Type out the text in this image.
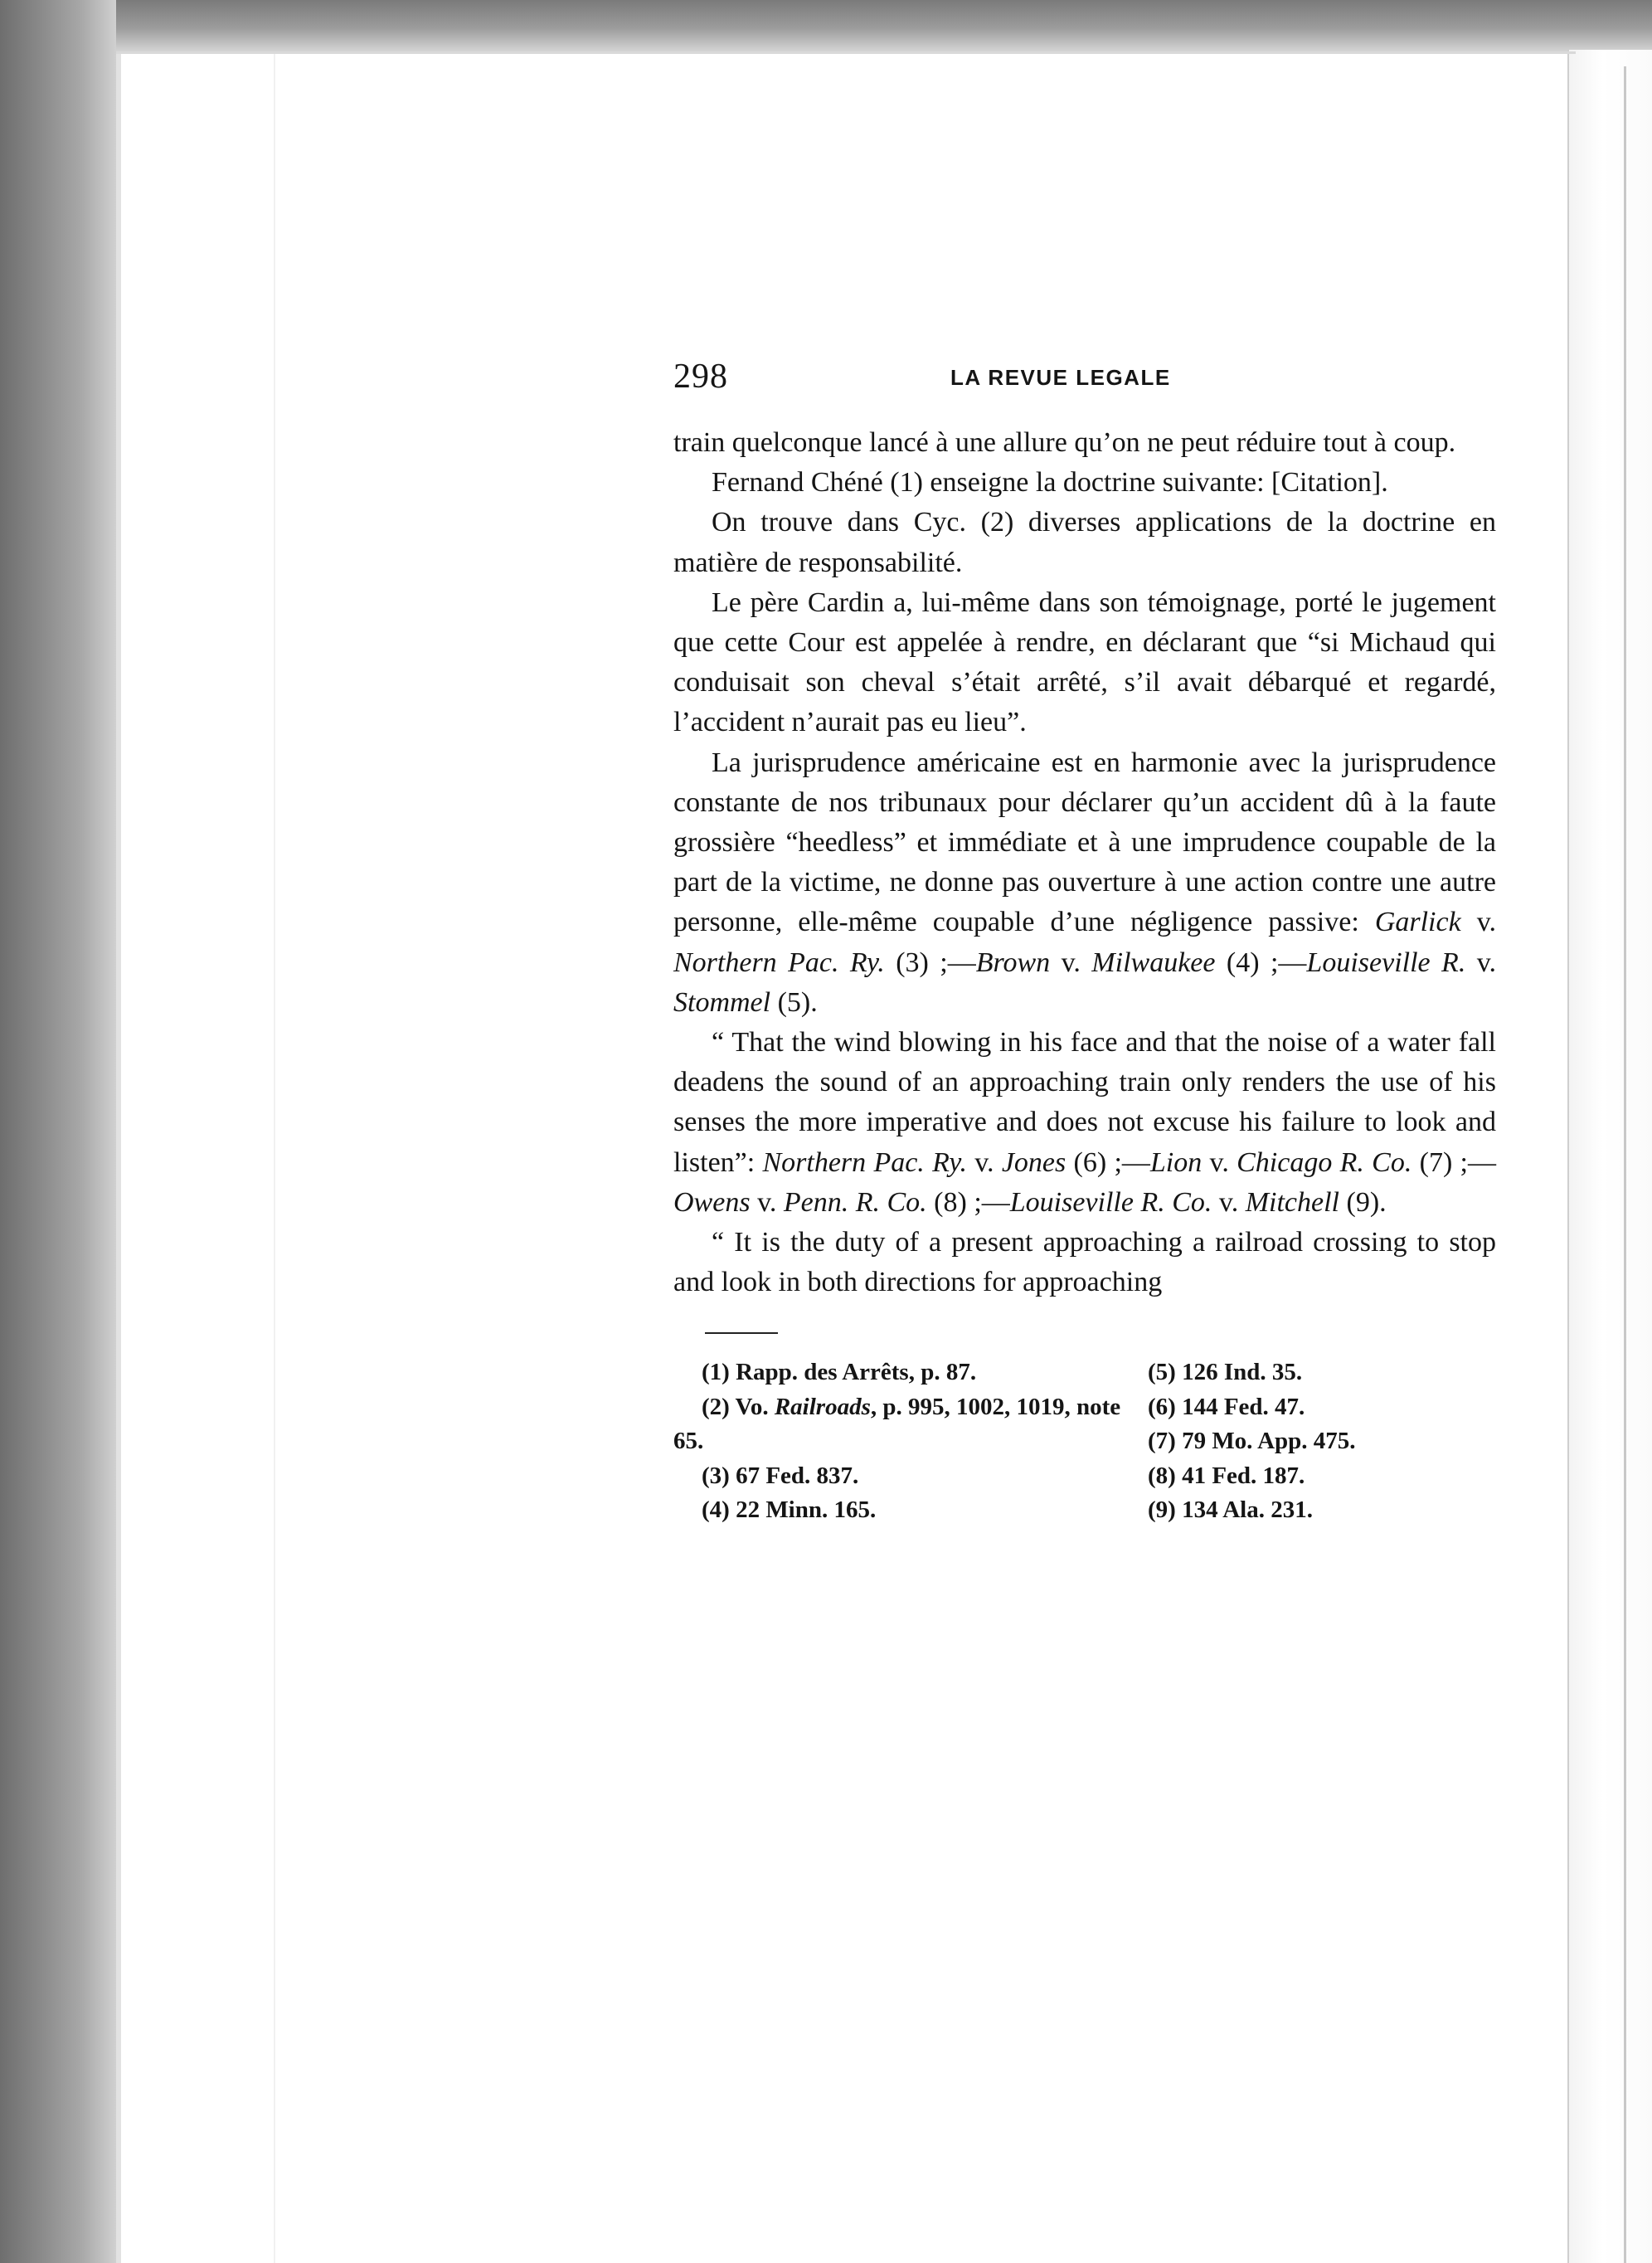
298	LA REVUE LEGALE

train quelconque lancé à une allure qu’on ne peut réduire tout à coup.

Fernand Chéné (1) enseigne la doctrine suivante: [Citation].

On trouve dans Cyc. (2) diverses applications de la doctrine en matière de responsabilité.

Le père Cardin a, lui-même dans son témoignage, porté le jugement que cette Cour est appelée à rendre, en déclarant que “si Michaud qui conduisait son cheval s’était arrêté, s’il avait débarqué et regardé, l’accident n’aurait pas eu lieu”.

La jurisprudence américaine est en harmonie avec la jurisprudence constante de nos tribunaux pour déclarer qu’un accident dû à la faute grossière “heedless” et immédiate et à une imprudence coupable de la part de la victime, ne donne pas ouverture à une action contre une autre personne, elle-même coupable d’une négligence passive: Garlick v. Northern Pac. Ry. (3) ;—Brown v. Milwaukee (4) ;—Louiseville R. v. Stommel (5).

“ That the wind blowing in his face and that the noise of a water fall deadens the sound of an approaching train only renders the use of his senses the more imperative and does not excuse his failure to look and listen”: Northern Pac. Ry. v. Jones (6) ;—Lion v. Chicago R. Co. (7) ;—Owens v. Penn. R. Co. (8) ;—Louiseville R. Co. v. Mitchell (9).

“ It is the duty of a present approaching a railroad crossing to stop and look in both directions for approaching

(1) Rapp. des Arrêts, p. 87.

(2) Vo. Railroads, p. 995, 1002, 1019, note 65.

(3) 67 Fed. 837.

(4) 22 Minn. 165.

(5) 126 Ind. 35.

(6) 144 Fed. 47.

(7) 79 Mo. App. 475.

(8) 41 Fed. 187.

(9) 134 Ala. 231.
